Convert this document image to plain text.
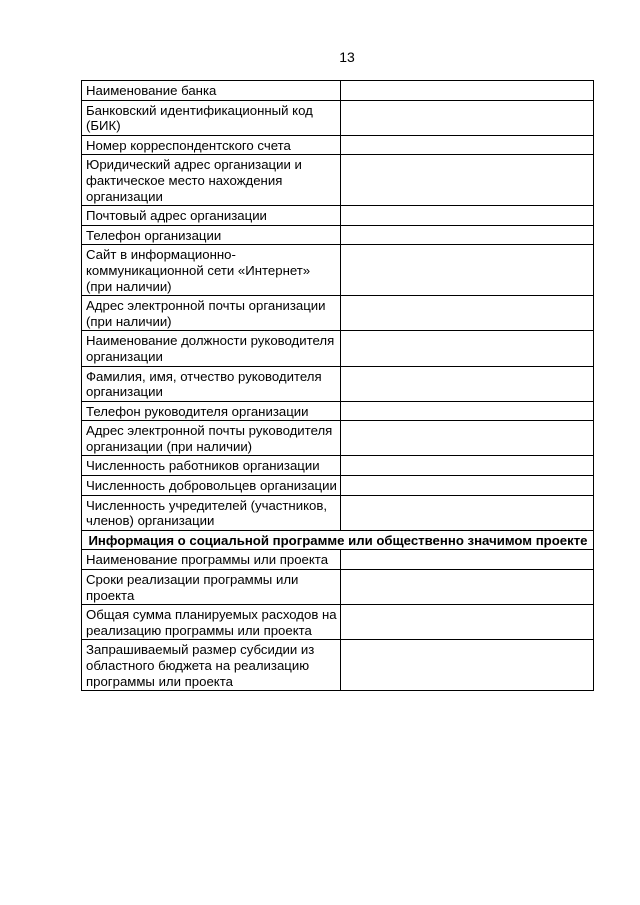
13
Наименование банка	
Банковский идентификационный код (БИК)	
Номер корреспондентского счета	
Юридический адрес организации и фактическое место нахождения организации	
Почтовый адрес организации	
Телефон организации	
Сайт в информационно-коммуникационной сети «Интернет» (при наличии)	
Адрес электронной почты организации (при наличии)	
Наименование должности руководителя организации	
Фамилия, имя, отчество руководителя организации	
Телефон руководителя организации	
Адрес электронной почты руководителя организации (при наличии)	
Численность работников организации	
Численность добровольцев организации	
Численность учредителей (участников, членов) организации	
Информация о социальной программе или общественно значимом проекте	
Наименование программы или проекта	
Сроки реализации программы или проекта	
Общая сумма планируемых расходов на реализацию программы или проекта	
Запрашиваемый размер субсидии из областного бюджета на реализацию программы или проекта	
